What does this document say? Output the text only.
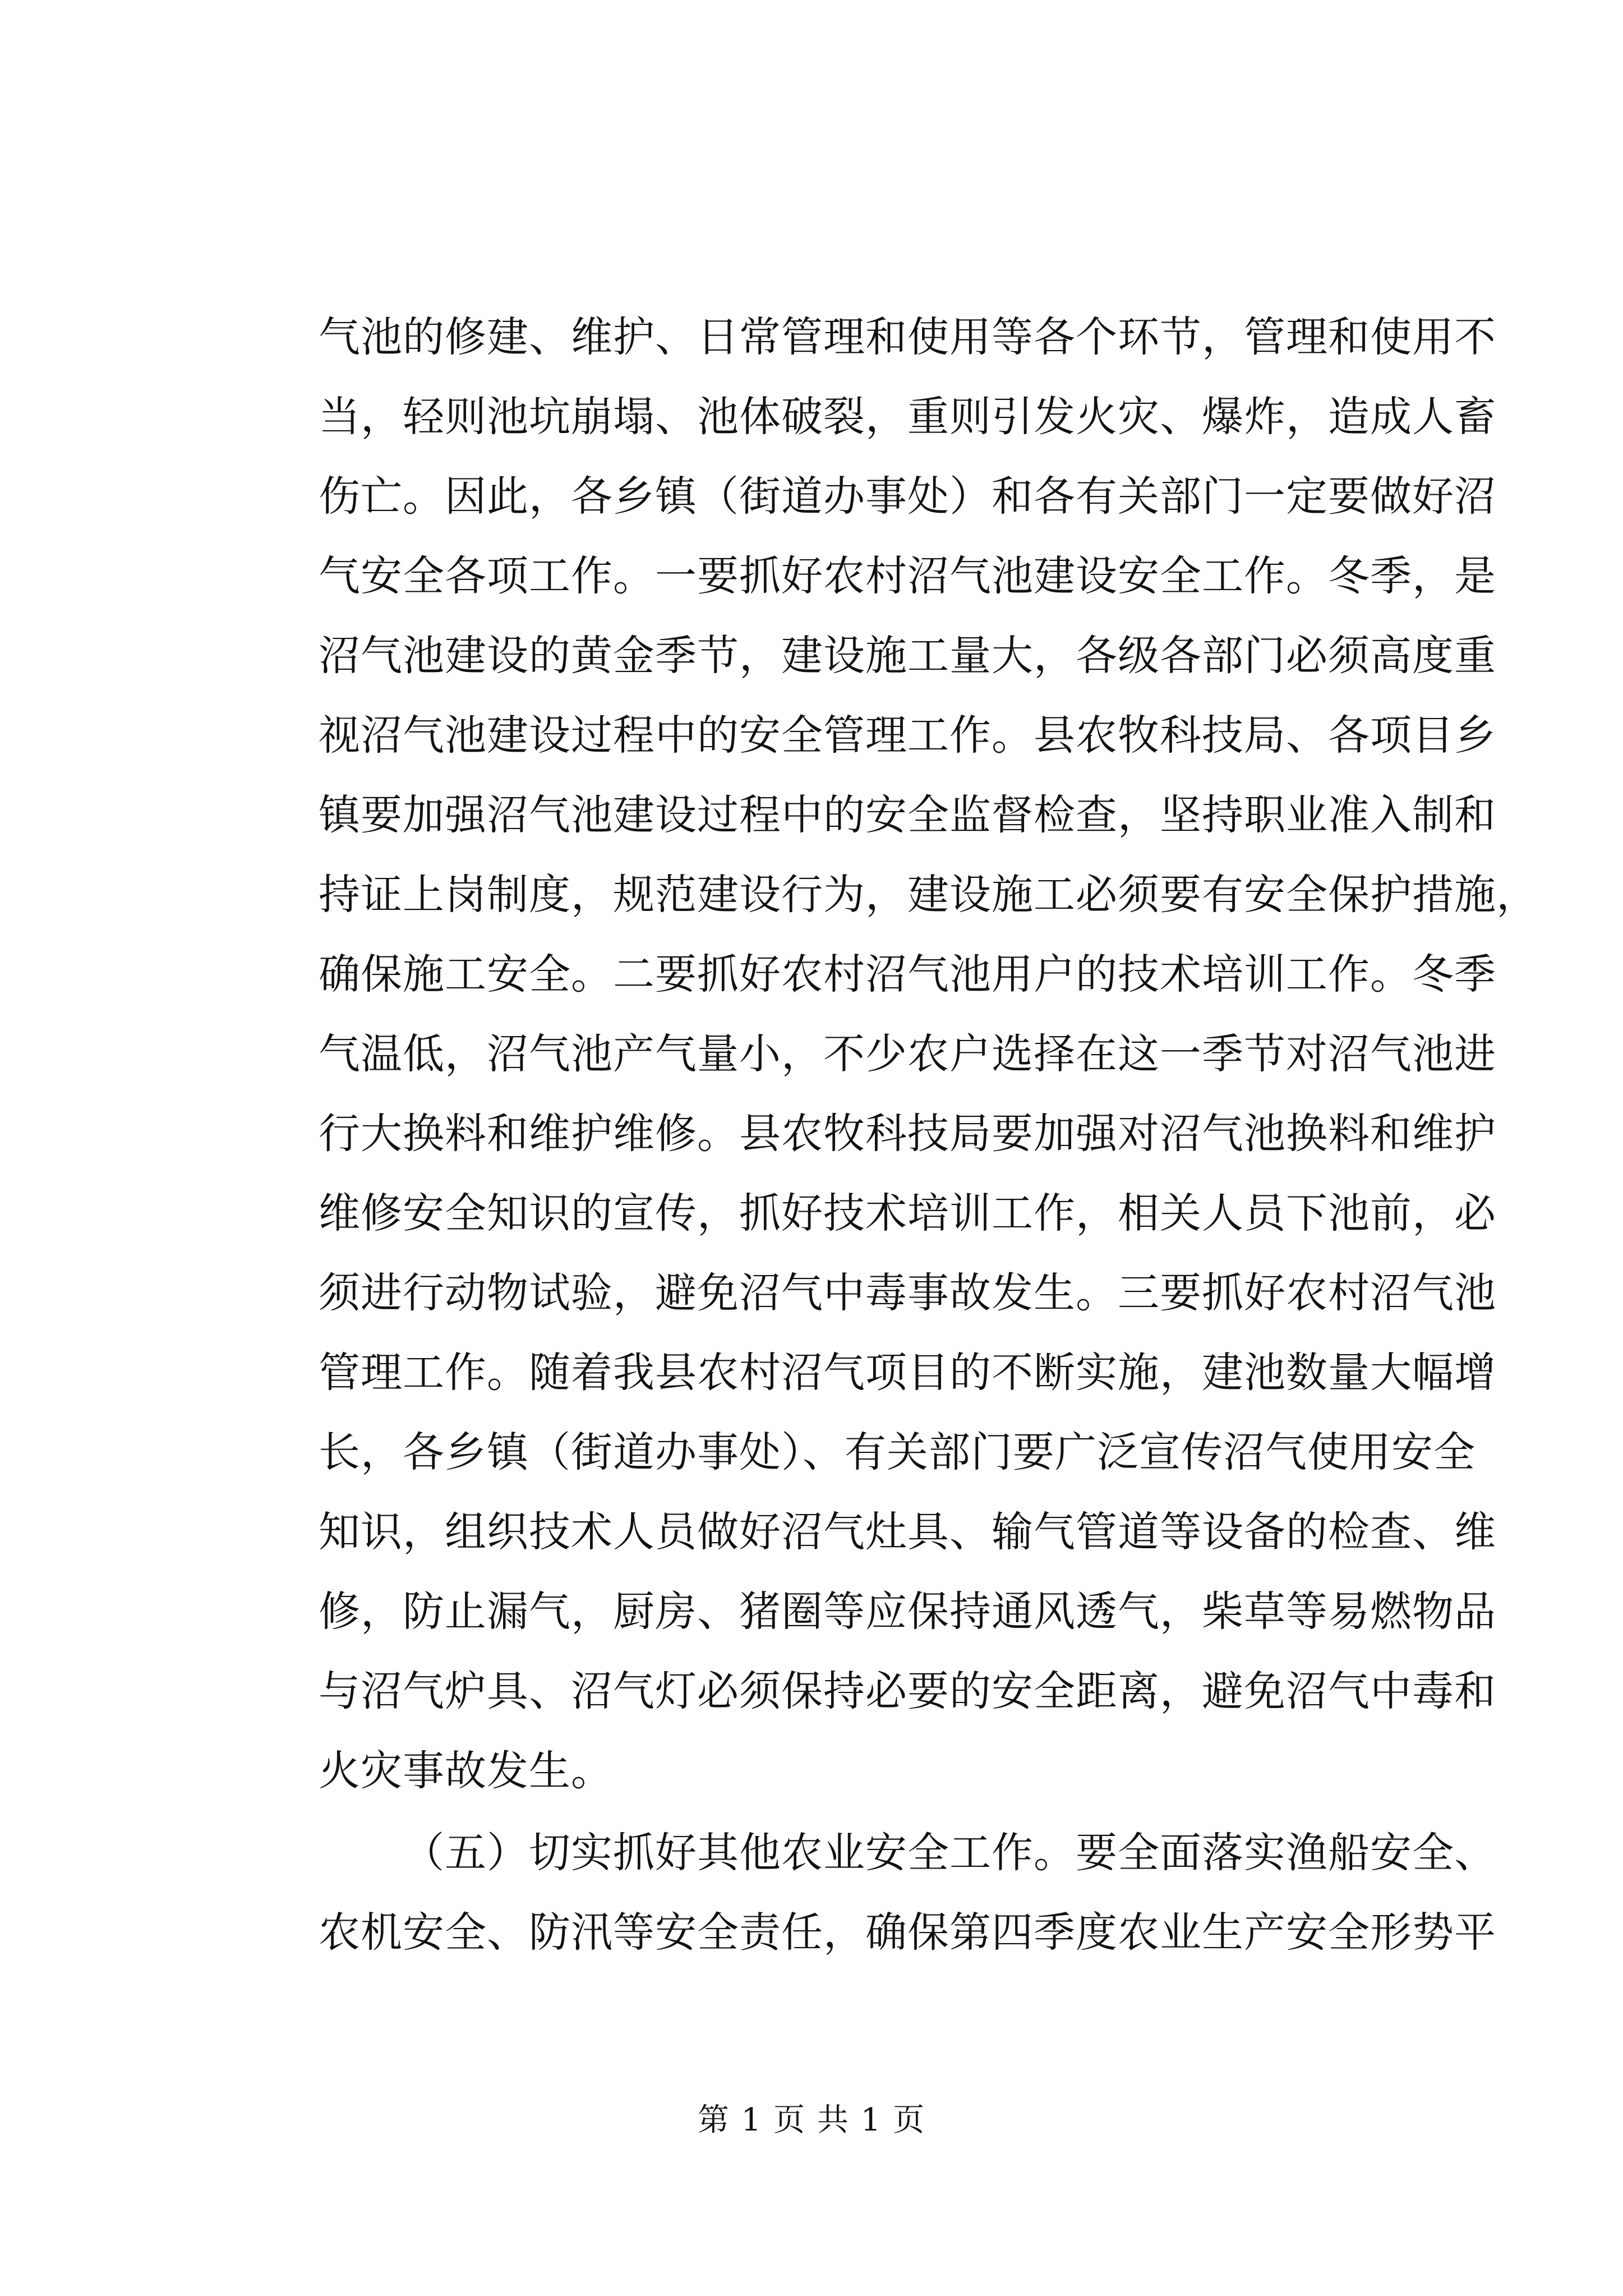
气池的修建、维护、日常管理和使用等各个环节，管理和使用不
当，轻则池坑崩塌、池体破裂，重则引发火灾、爆炸，造成人畜
伤亡。因此，各乡镇（街道办事处）和各有关部门一定要做好沼
气安全各项工作。一要抓好农村沼气池建设安全工作。冬季，是
沼气池建设的黄金季节，建设施工量大，各级各部门必须高度重
视沼气池建设过程中的安全管理工作。县农牧科技局、各项目乡
镇要加强沼气池建设过程中的安全监督检查，坚持职业准入制和
持证上岗制度，规范建设行为，建设施工必须要有安全保护措施，
确保施工安全。二要抓好农村沼气池用户的技术培训工作。冬季
气温低，沼气池产气量小，不少农户选择在这一季节对沼气池进
行大换料和维护维修。县农牧科技局要加强对沼气池换料和维护
维修安全知识的宣传，抓好技术培训工作，相关人员下池前，必
须进行动物试验，避免沼气中毒事故发生。三要抓好农村沼气池
管理工作。随着我县农村沼气项目的不断实施，建池数量大幅增
长，各乡镇（街道办事处）、有关部门要广泛宣传沼气使用安全
知识，组织技术人员做好沼气灶具、输气管道等设备的检查、维
修，防止漏气，厨房、猪圈等应保持通风透气，柴草等易燃物品
与沼气炉具、沼气灯必须保持必要的安全距离，避免沼气中毒和
火灾事故发生。
（五）切实抓好其他农业安全工作。要全面落实渔船安全、
农机安全、防汛等安全责任，确保第四季度农业生产安全形势平
第 1 页 共 1 页
